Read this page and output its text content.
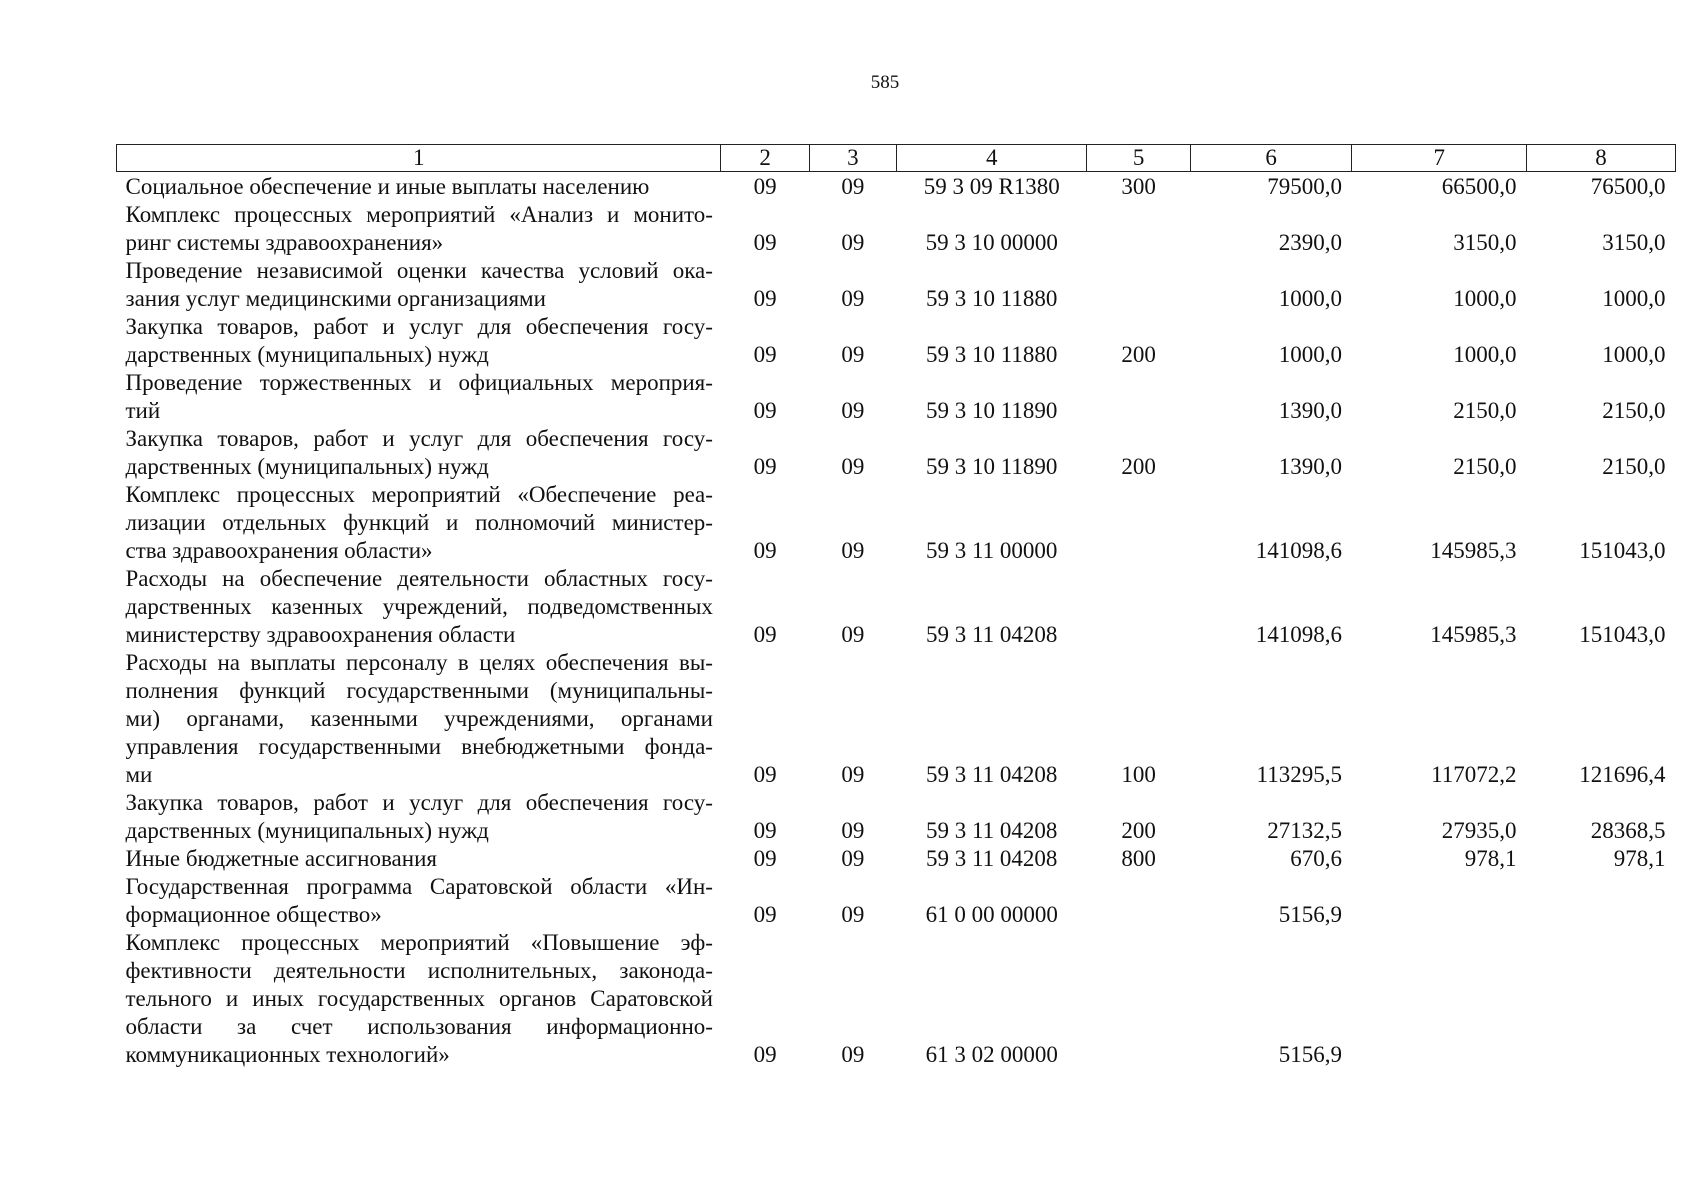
585
1	2	3	4	5	6	7	8

Социальное обеспечение и иные выплаты населению	09	09	59 3 09 R1380	300	79500,0	66500,0	76500,0

Комплекс процессных мероприятий «Анализ и монито-
ринг системы здравоохранения»	09	09	59 3 10 00000		2390,0	3150,0	3150,0

Проведение независимой оценки качества условий ока-
зания услуг медицинскими организациями	09	09	59 3 10 11880		1000,0	1000,0	1000,0

Закупка товаров, работ и услуг для обеспечения госу-
дарственных (муниципальных) нужд	09	09	59 3 10 11880	200	1000,0	1000,0	1000,0

Проведение торжественных и официальных мероприя-
тий	09	09	59 3 10 11890		1390,0	2150,0	2150,0

Закупка товаров, работ и услуг для обеспечения госу-
дарственных (муниципальных) нужд	09	09	59 3 10 11890	200	1390,0	2150,0	2150,0

Комплекс процессных мероприятий «Обеспечение реа-
лизации отдельных функций и полномочий министер-
ства здравоохранения области»	09	09	59 3 11 00000		141098,6	145985,3	151043,0

Расходы на обеспечение деятельности областных госу-
дарственных казенных учреждений, подведомственных
министерству здравоохранения области	09	09	59 3 11 04208		141098,6	145985,3	151043,0

Расходы на выплаты персоналу в целях обеспечения вы-
полнения функций государственными (муниципальны-
ми) органами, казенными учреждениями, органами
управления государственными внебюджетными фонда-
ми	09	09	59 3 11 04208	100	113295,5	117072,2	121696,4

Закупка товаров, работ и услуг для обеспечения госу-
дарственных (муниципальных) нужд	09	09	59 3 11 04208	200	27132,5	27935,0	28368,5

Иные бюджетные ассигнования	09	09	59 3 11 04208	800	670,6	978,1	978,1

Государственная программа Саратовской области «Ин-
формационное общество»	09	09	61 0 00 00000		5156,9		

Комплекс процессных мероприятий «Повышение эф-
фективности деятельности исполнительных, законода-
тельного и иных государственных органов Саратовской
области за счет использования информационно-
коммуникационных технологий»	09	09	61 3 02 00000		5156,9		
